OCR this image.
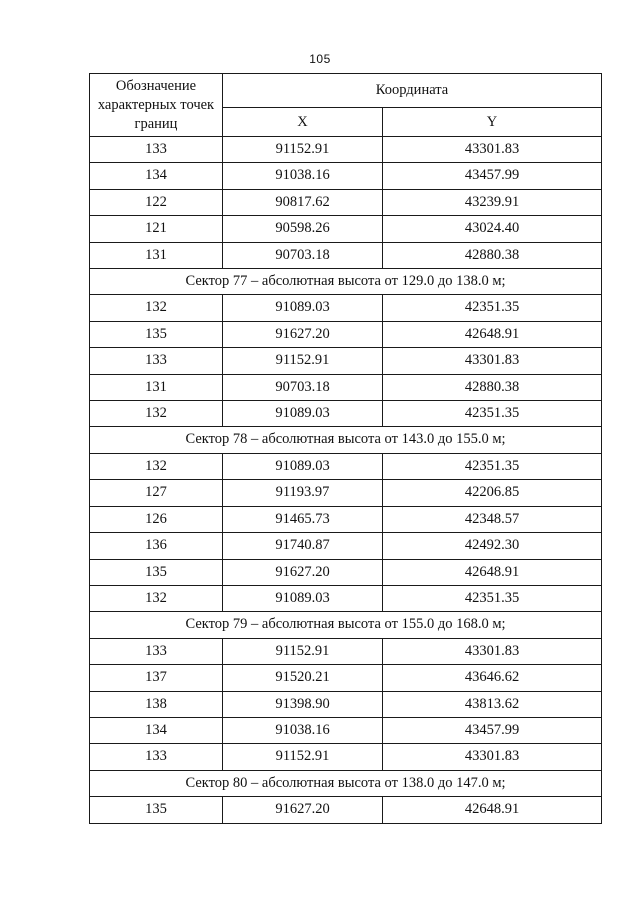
105
Обозначение характерных точек границ	Координата	
	X	Y
133	91152.91	43301.83
134	91038.16	43457.99
122	90817.62	43239.91
121	90598.26	43024.40
131	90703.18	42880.38
Сектор 77 – абсолютная высота от 129.0 до 138.0 м;		
132	91089.03	42351.35
135	91627.20	42648.91
133	91152.91	43301.83
131	90703.18	42880.38
132	91089.03	42351.35
Сектор 78 – абсолютная высота от 143.0 до 155.0 м;		
132	91089.03	42351.35
127	91193.97	42206.85
126	91465.73	42348.57
136	91740.87	42492.30
135	91627.20	42648.91
132	91089.03	42351.35
Сектор 79 – абсолютная высота от 155.0 до 168.0 м;		
133	91152.91	43301.83
137	91520.21	43646.62
138	91398.90	43813.62
134	91038.16	43457.99
133	91152.91	43301.83
Сектор 80 – абсолютная высота от 138.0 до 147.0 м;		
135	91627.20	42648.91
